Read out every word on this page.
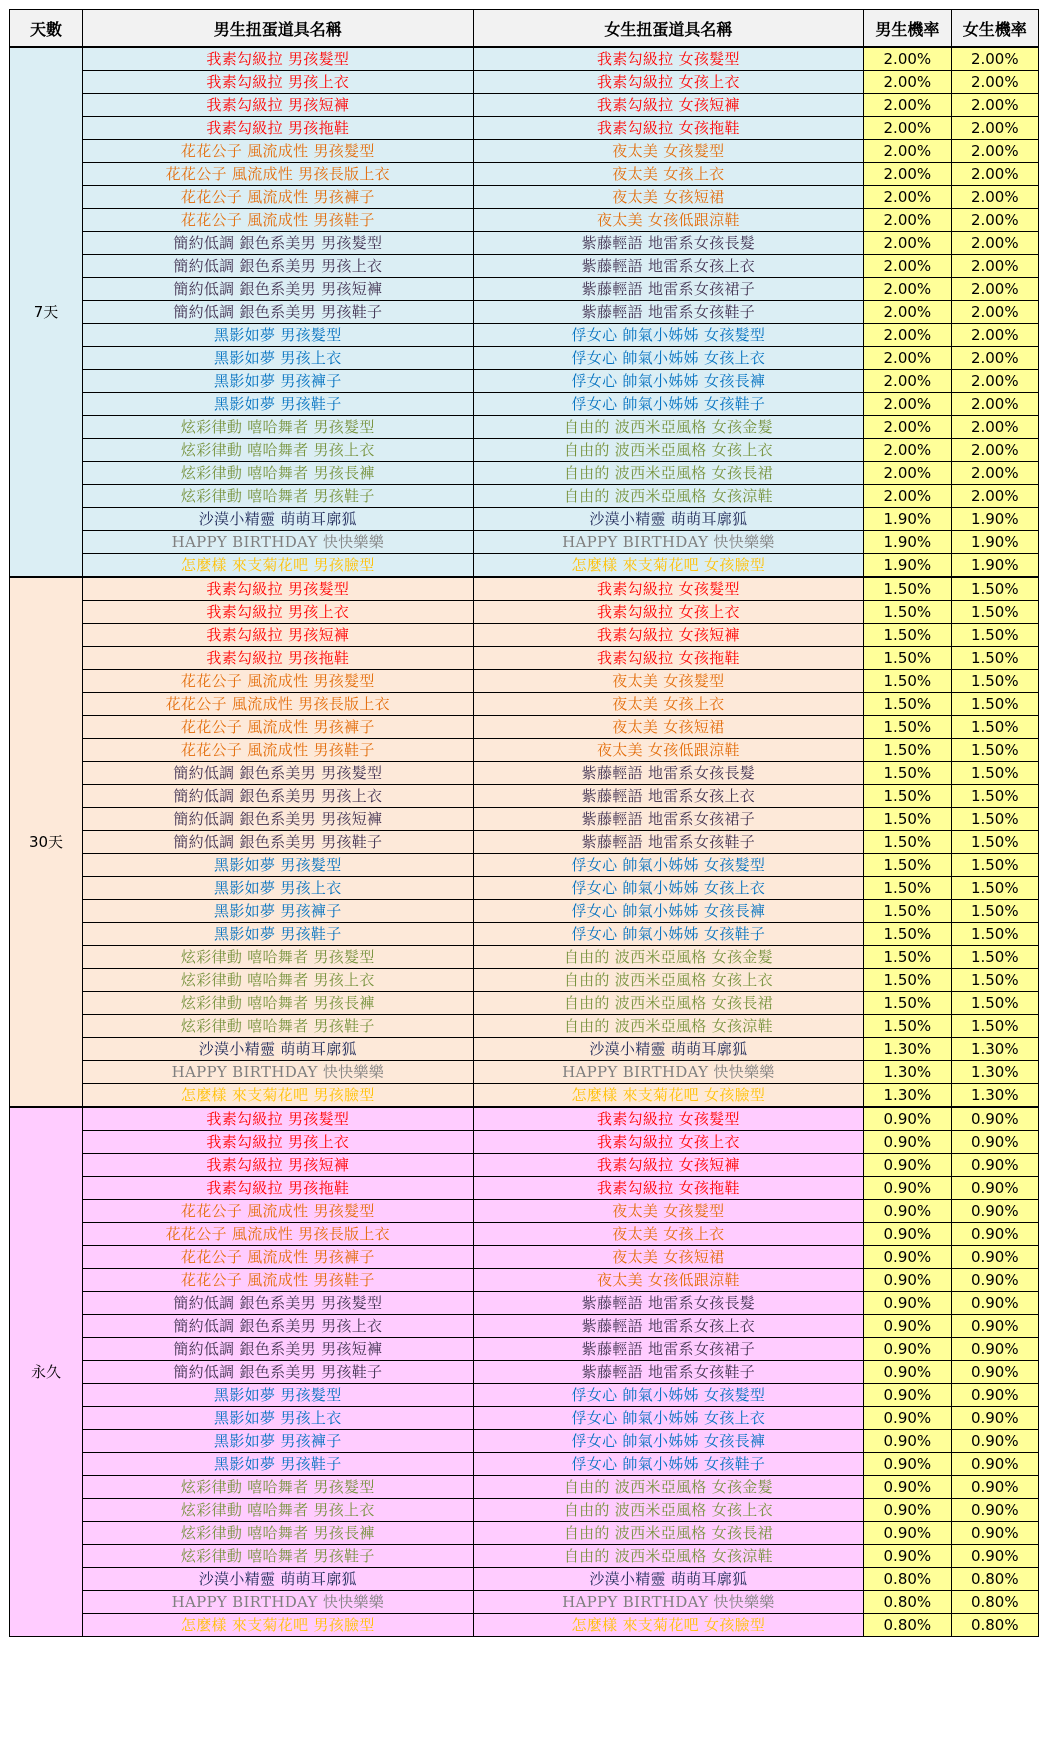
天數	男生扭蛋道具名稱	女生扭蛋道具名稱	男生機率	女生機率
7天	我素勾級拉 男孩髮型	我素勾級拉 女孩髮型	2.00%	2.00%
	我素勾級拉 男孩上衣	我素勾級拉 女孩上衣	2.00%	2.00%
	我素勾級拉 男孩短褲	我素勾級拉 女孩短褲	2.00%	2.00%
	我素勾級拉 男孩拖鞋	我素勾級拉 女孩拖鞋	2.00%	2.00%
	花花公子 風流成性 男孩髮型	夜太美 女孩髮型	2.00%	2.00%
	花花公子 風流成性 男孩長版上衣	夜太美 女孩上衣	2.00%	2.00%
	花花公子 風流成性 男孩褲子	夜太美 女孩短裙	2.00%	2.00%
	花花公子 風流成性 男孩鞋子	夜太美 女孩低跟涼鞋	2.00%	2.00%
	簡約低調 銀色系美男 男孩髮型	紫藤輕語 地雷系女孩長髮	2.00%	2.00%
	簡約低調 銀色系美男 男孩上衣	紫藤輕語 地雷系女孩上衣	2.00%	2.00%
	簡約低調 銀色系美男 男孩短褲	紫藤輕語 地雷系女孩裙子	2.00%	2.00%
	簡約低調 銀色系美男 男孩鞋子	紫藤輕語 地雷系女孩鞋子	2.00%	2.00%
	黑影如夢 男孩髮型	俘女心 帥氣小姊姊 女孩髮型	2.00%	2.00%
	黑影如夢 男孩上衣	俘女心 帥氣小姊姊 女孩上衣	2.00%	2.00%
	黑影如夢 男孩褲子	俘女心 帥氣小姊姊 女孩長褲	2.00%	2.00%
	黑影如夢 男孩鞋子	俘女心 帥氣小姊姊 女孩鞋子	2.00%	2.00%
	炫彩律動 嘻哈舞者 男孩髮型	自由的 波西米亞風格 女孩金髮	2.00%	2.00%
	炫彩律動 嘻哈舞者 男孩上衣	自由的 波西米亞風格 女孩上衣	2.00%	2.00%
	炫彩律動 嘻哈舞者 男孩長褲	自由的 波西米亞風格 女孩長裙	2.00%	2.00%
	炫彩律動 嘻哈舞者 男孩鞋子	自由的 波西米亞風格 女孩涼鞋	2.00%	2.00%
	沙漠小精靈 萌萌耳廓狐	沙漠小精靈 萌萌耳廓狐	1.90%	1.90%
	HAPPY BIRTHDAY 快快樂樂	HAPPY BIRTHDAY 快快樂樂	1.90%	1.90%
	怎麼樣 來支菊花吧 男孩臉型	怎麼樣 來支菊花吧 女孩臉型	1.90%	1.90%
30天	我素勾級拉 男孩髮型	我素勾級拉 女孩髮型	1.50%	1.50%
	我素勾級拉 男孩上衣	我素勾級拉 女孩上衣	1.50%	1.50%
	我素勾級拉 男孩短褲	我素勾級拉 女孩短褲	1.50%	1.50%
	我素勾級拉 男孩拖鞋	我素勾級拉 女孩拖鞋	1.50%	1.50%
	花花公子 風流成性 男孩髮型	夜太美 女孩髮型	1.50%	1.50%
	花花公子 風流成性 男孩長版上衣	夜太美 女孩上衣	1.50%	1.50%
	花花公子 風流成性 男孩褲子	夜太美 女孩短裙	1.50%	1.50%
	花花公子 風流成性 男孩鞋子	夜太美 女孩低跟涼鞋	1.50%	1.50%
	簡約低調 銀色系美男 男孩髮型	紫藤輕語 地雷系女孩長髮	1.50%	1.50%
	簡約低調 銀色系美男 男孩上衣	紫藤輕語 地雷系女孩上衣	1.50%	1.50%
	簡約低調 銀色系美男 男孩短褲	紫藤輕語 地雷系女孩裙子	1.50%	1.50%
	簡約低調 銀色系美男 男孩鞋子	紫藤輕語 地雷系女孩鞋子	1.50%	1.50%
	黑影如夢 男孩髮型	俘女心 帥氣小姊姊 女孩髮型	1.50%	1.50%
	黑影如夢 男孩上衣	俘女心 帥氣小姊姊 女孩上衣	1.50%	1.50%
	黑影如夢 男孩褲子	俘女心 帥氣小姊姊 女孩長褲	1.50%	1.50%
	黑影如夢 男孩鞋子	俘女心 帥氣小姊姊 女孩鞋子	1.50%	1.50%
	炫彩律動 嘻哈舞者 男孩髮型	自由的 波西米亞風格 女孩金髮	1.50%	1.50%
	炫彩律動 嘻哈舞者 男孩上衣	自由的 波西米亞風格 女孩上衣	1.50%	1.50%
	炫彩律動 嘻哈舞者 男孩長褲	自由的 波西米亞風格 女孩長裙	1.50%	1.50%
	炫彩律動 嘻哈舞者 男孩鞋子	自由的 波西米亞風格 女孩涼鞋	1.50%	1.50%
	沙漠小精靈 萌萌耳廓狐	沙漠小精靈 萌萌耳廓狐	1.30%	1.30%
	HAPPY BIRTHDAY 快快樂樂	HAPPY BIRTHDAY 快快樂樂	1.30%	1.30%
	怎麼樣 來支菊花吧 男孩臉型	怎麼樣 來支菊花吧 女孩臉型	1.30%	1.30%
永久	我素勾級拉 男孩髮型	我素勾級拉 女孩髮型	0.90%	0.90%
	我素勾級拉 男孩上衣	我素勾級拉 女孩上衣	0.90%	0.90%
	我素勾級拉 男孩短褲	我素勾級拉 女孩短褲	0.90%	0.90%
	我素勾級拉 男孩拖鞋	我素勾級拉 女孩拖鞋	0.90%	0.90%
	花花公子 風流成性 男孩髮型	夜太美 女孩髮型	0.90%	0.90%
	花花公子 風流成性 男孩長版上衣	夜太美 女孩上衣	0.90%	0.90%
	花花公子 風流成性 男孩褲子	夜太美 女孩短裙	0.90%	0.90%
	花花公子 風流成性 男孩鞋子	夜太美 女孩低跟涼鞋	0.90%	0.90%
	簡約低調 銀色系美男 男孩髮型	紫藤輕語 地雷系女孩長髮	0.90%	0.90%
	簡約低調 銀色系美男 男孩上衣	紫藤輕語 地雷系女孩上衣	0.90%	0.90%
	簡約低調 銀色系美男 男孩短褲	紫藤輕語 地雷系女孩裙子	0.90%	0.90%
	簡約低調 銀色系美男 男孩鞋子	紫藤輕語 地雷系女孩鞋子	0.90%	0.90%
	黑影如夢 男孩髮型	俘女心 帥氣小姊姊 女孩髮型	0.90%	0.90%
	黑影如夢 男孩上衣	俘女心 帥氣小姊姊 女孩上衣	0.90%	0.90%
	黑影如夢 男孩褲子	俘女心 帥氣小姊姊 女孩長褲	0.90%	0.90%
	黑影如夢 男孩鞋子	俘女心 帥氣小姊姊 女孩鞋子	0.90%	0.90%
	炫彩律動 嘻哈舞者 男孩髮型	自由的 波西米亞風格 女孩金髮	0.90%	0.90%
	炫彩律動 嘻哈舞者 男孩上衣	自由的 波西米亞風格 女孩上衣	0.90%	0.90%
	炫彩律動 嘻哈舞者 男孩長褲	自由的 波西米亞風格 女孩長裙	0.90%	0.90%
	炫彩律動 嘻哈舞者 男孩鞋子	自由的 波西米亞風格 女孩涼鞋	0.90%	0.90%
	沙漠小精靈 萌萌耳廓狐	沙漠小精靈 萌萌耳廓狐	0.80%	0.80%
	HAPPY BIRTHDAY 快快樂樂	HAPPY BIRTHDAY 快快樂樂	0.80%	0.80%
	怎麼樣 來支菊花吧 男孩臉型	怎麼樣 來支菊花吧 女孩臉型	0.80%	0.80%
